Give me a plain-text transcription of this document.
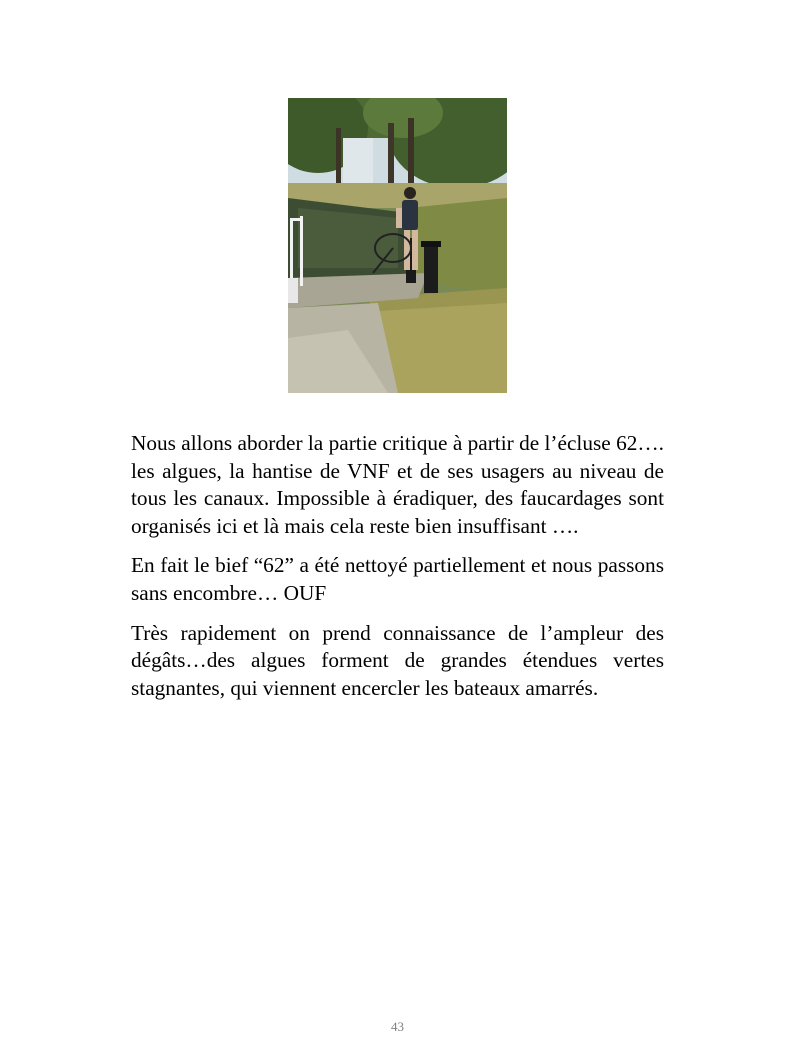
Nous allons aborder la partie critique à partir de l’écluse 62…. les algues, la hantise de VNF et de ses usagers au niveau de tous les canaux. Impossible à éradiquer, des faucardages sont organisés ici et là mais cela reste bien insuffisant ….

En fait le bief “62” a été nettoyé partiellement et nous passons sans encombre… OUF

Très rapidement on prend connaissance de l’ampleur des dégâts…des algues forment de grandes étendues vertes stagnantes, qui viennent encercler les bateaux amarrés.

43
